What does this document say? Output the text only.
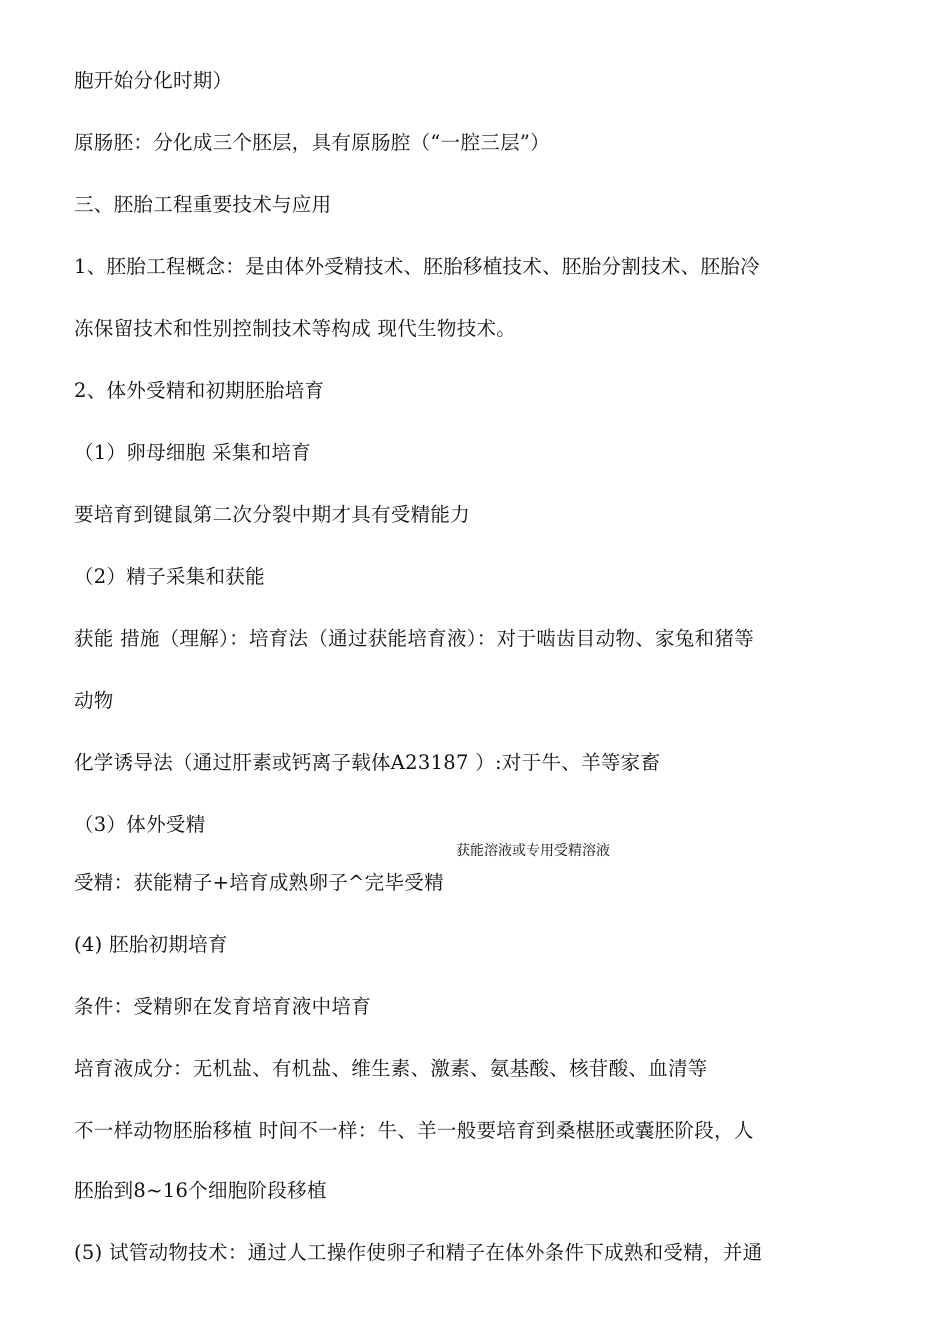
胞开始分化时期）

原肠胚：分化成三个胚层，具有原肠腔（“一腔三层”）

三、胚胎工程重要技术与应用

1、胚胎工程概念：是由体外受精技术、胚胎移植技术、胚胎分割技术、胚胎冷

冻保留技术和性别控制技术等构成 现代生物技术。

2、体外受精和初期胚胎培育

（1）卵母细胞 采集和培育

要培育到键鼠第二次分裂中期才具有受精能力

（2）精子采集和获能

获能 措施（理解）：培育法（通过获能培育液）：对于啮齿目动物、家兔和猪等

动物

化学诱导法（通过肝素或钙离子载体A23187 ）:对于牛、羊等家畜

（3）体外受精

获能溶液或专用受精溶液

受精：获能精子+培育成熟卵子^完毕受精

(4) 胚胎初期培育

条件：受精卵在发育培育液中培育

培育液成分：无机盐、有机盐、维生素、激素、氨基酸、核苷酸、血清等

不一样动物胚胎移植 时间不一样：牛、羊一般要培育到桑椹胚或囊胚阶段，人

胚胎到8~16个细胞阶段移植

(5) 试管动物技术：通过人工操作使卵子和精子在体外条件下成熟和受精，并通
